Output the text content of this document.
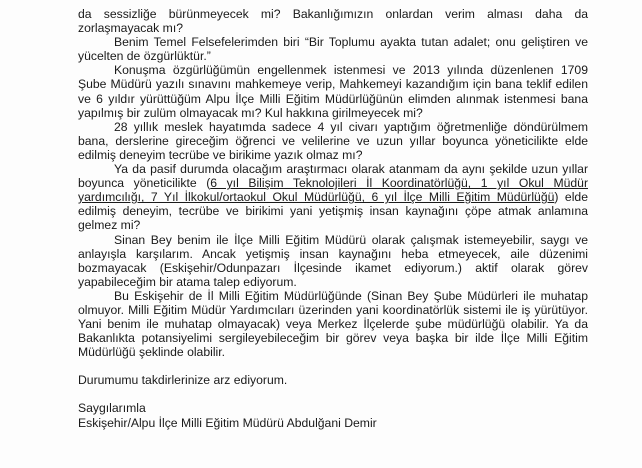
da sessizliğe bürünmeyecek mi? Bakanlığımızın onlardan verim alması daha da zorlaşmayacak mı?

Benim Temel Felsefelerimden biri “Bir Toplumu ayakta tutan adalet; onu geliştiren ve yücelten de özgürlüktür.”

Konuşma özgürlüğümün engellenmek istenmesi ve 2013 yılında düzenlenen 1709 Şube Müdürü yazılı sınavını mahkemeye verip, Mahkemeyi kazandığım için bana teklif edilen ve 6 yıldır yürüttüğüm Alpu İlçe Milli Eğitim Müdürlüğünün elimden alınmak istenmesi bana yapılmış bir zulüm olmayacak mı? Kul hakkına girilmeyecek mi?

28 yıllık meslek hayatımda sadece 4 yıl civarı yaptığım öğretmenliğe döndürülmem bana, derslerine gireceğim öğrenci ve velilerine ve uzun yıllar boyunca yöneticilikte elde edilmiş deneyim tecrübe ve birikime yazık olmaz mı?

Ya da pasif durumda olacağım araştırmacı olarak atanmam da aynı şekilde uzun yıllar boyunca yöneticilikte (6 yıl Bilişim Teknolojileri İl Koordinatörlüğü, 1 yıl Okul Müdür yardımcılığı, 7 Yıl İlkokul/ortaokul Okul Müdürlüğü, 6 yıl İlçe Milli Eğitim Müdürlüğü) elde edilmiş deneyim, tecrübe ve birikimi yani yetişmiş insan kaynağını çöpe atmak anlamına gelmez mi?

Sinan Bey benim ile İlçe Milli Eğitim Müdürü olarak çalışmak istemeyebilir, saygı ve anlayışla karşılarım. Ancak yetişmiş insan kaynağını heba etmeyecek, aile düzenimi bozmayacak (Eskişehir/Odunpazarı İlçesinde ikamet ediyorum.) aktif olarak görev yapabileceğim bir atama talep ediyorum.

Bu Eskişehir de İl Milli Eğitim Müdürlüğünde (Sinan Bey Şube Müdürleri ile muhatap olmuyor. Milli Eğitim Müdür Yardımcıları üzerinden yani koordinatörlük sistemi ile iş yürütüyor. Yani benim ile muhatap olmayacak) veya Merkez İlçelerde şube müdürlüğü olabilir. Ya da Bakanlıkta potansiyelimi sergileyebileceğim bir görev veya başka bir ilde İlçe Milli Eğitim Müdürlüğü şeklinde olabilir.

Durumumu takdirlerinize arz ediyorum.

Saygılarımla

Eskişehir/Alpu İlçe Milli Eğitim Müdürü Abdulğani Demir
